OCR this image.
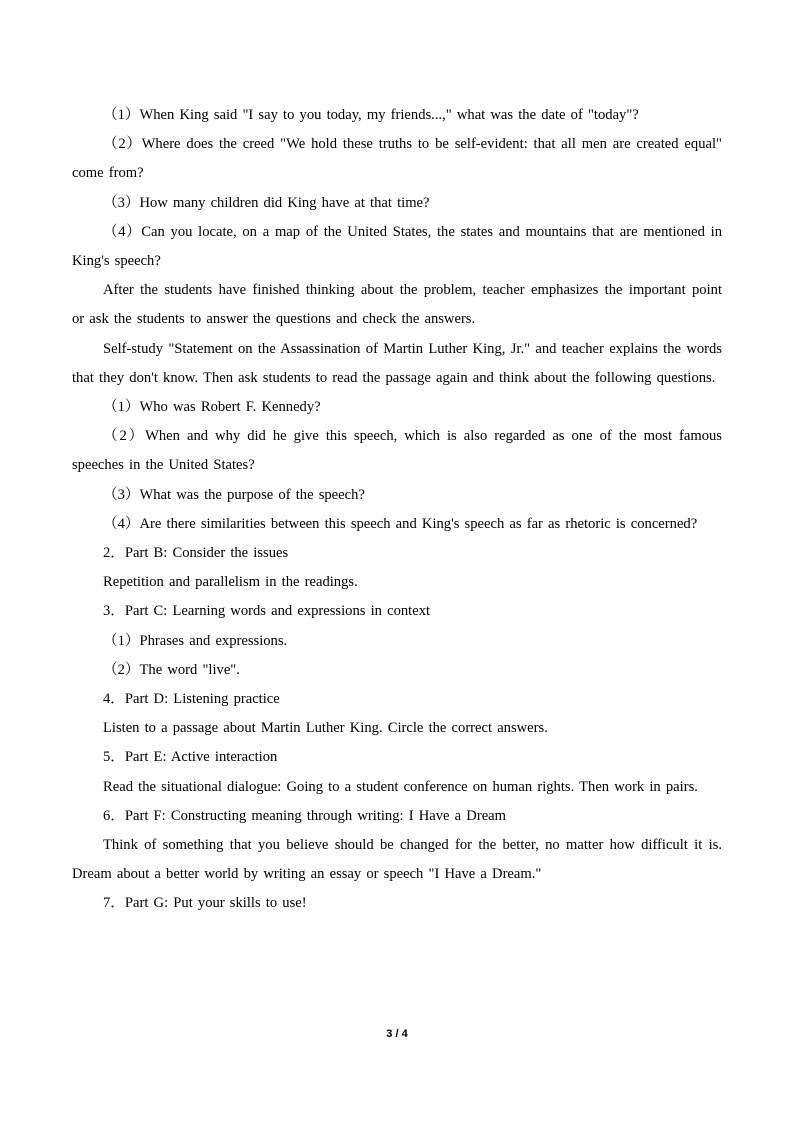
（1）When King said "I say to you today, my friends...," what was the date of "today"?

（2）Where does the creed "We hold these truths to be self-evident: that all men are created equal" come from?

（3）How many children did King have at that time?

（4）Can you locate, on a map of the United States, the states and mountains that are mentioned in King's speech?

After the students have finished thinking about the problem, teacher emphasizes the important point or ask the students to answer the questions and check the answers.

Self-study "Statement on the Assassination of Martin Luther King, Jr." and teacher explains the words that they don't know. Then ask students to read the passage again and think about the following questions.

（1）Who was Robert F. Kennedy?

（2）When and why did he give this speech, which is also regarded as one of the most famous speeches in the United States?

（3）What was the purpose of the speech?

（4）Are there similarities between this speech and King's speech as far as rhetoric is concerned?

2．Part B: Consider the issues

Repetition and parallelism in the readings.

3．Part C: Learning words and expressions in context

（1）Phrases and expressions.

（2）The word "live".

4．Part D: Listening practice

Listen to a passage about Martin Luther King. Circle the correct answers.

5．Part E: Active interaction

Read the situational dialogue: Going to a student conference on human rights. Then work in pairs.

6．Part F: Constructing meaning through writing: I Have a Dream

Think of something that you believe should be changed for the better, no matter how difficult it is. Dream about a better world by writing an essay or speech "I Have a Dream."

7．Part G: Put your skills to use!

3 / 4
